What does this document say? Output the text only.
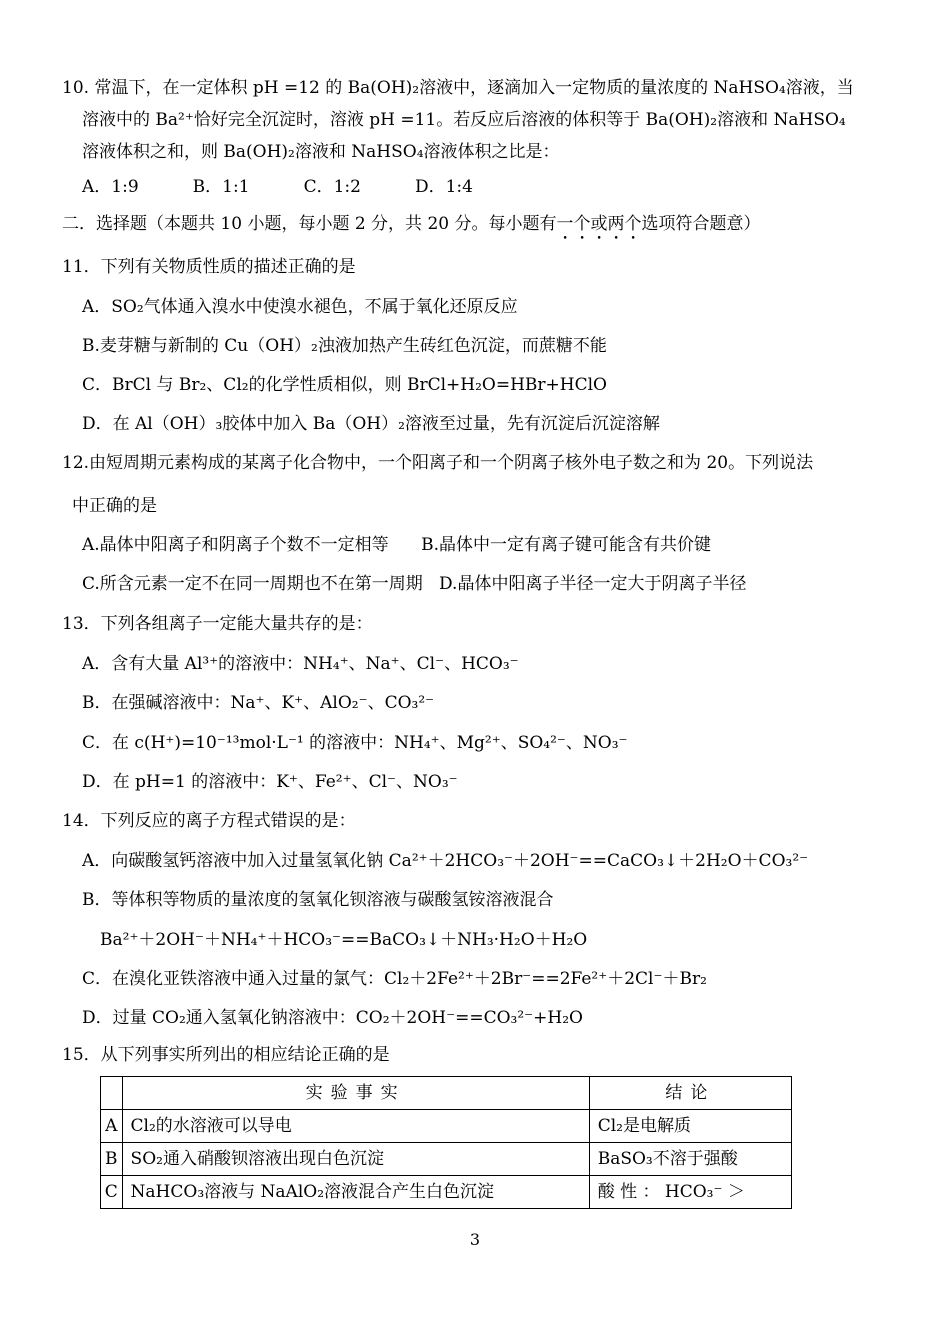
10. 常温下，在一定体积 pH =12 的 Ba(OH)₂溶液中，逐滴加入一定物质的量浓度的 NaHSO₄溶液，当
溶液中的 Ba²⁺恰好完全沉淀时，溶液 pH =11。若反应后溶液的体积等于 Ba(OH)₂溶液和 NaHSO₄
溶液体积之和，则 Ba(OH)₂溶液和 NaHSO₄溶液体积之比是：
A．1:9          B．1:1          C．1:2          D．1:4
二．选择题（本题共 10 小题，每小题 2 分，共 20 分。每小题有一个或两个选项符合题意）
11．下列有关物质性质的描述正确的是
A．SO₂气体通入溴水中使溴水褪色，不属于氧化还原反应
B.麦芽糖与新制的 Cu（OH）₂浊液加热产生砖红色沉淀，而蔗糖不能
C．BrCl 与 Br₂、Cl₂的化学性质相似，则 BrCl+H₂O=HBr+HClO
D．在 Al（OH）₃胶体中加入 Ba（OH）₂溶液至过量，先有沉淀后沉淀溶解
12.由短周期元素构成的某离子化合物中，一个阳离子和一个阴离子核外电子数之和为 20。下列说法
中正确的是
A.晶体中阳离子和阴离子个数不一定相等      B.晶体中一定有离子键可能含有共价键
C.所含元素一定不在同一周期也不在第一周期   D.晶体中阳离子半径一定大于阴离子半径
13．下列各组离子一定能大量共存的是：
A．含有大量 Al³⁺的溶液中：NH₄⁺、Na⁺、Cl⁻、HCO₃⁻
B．在强碱溶液中：Na⁺、K⁺、AlO₂⁻、CO₃²⁻
C．在 c(H⁺)=10⁻¹³mol·L⁻¹ 的溶液中：NH₄⁺、Mg²⁺、SO₄²⁻、NO₃⁻
D．在 pH=1 的溶液中：K⁺、Fe²⁺、Cl⁻、NO₃⁻
14．下列反应的离子方程式错误的是：
A．向碳酸氢钙溶液中加入过量氢氧化钠 Ca²⁺＋2HCO₃⁻＋2OH⁻==CaCO₃↓＋2H₂O＋CO₃²⁻
B．等体积等物质的量浓度的氢氧化钡溶液与碳酸氢铵溶液混合
Ba²⁺＋2OH⁻＋NH₄⁺＋HCO₃⁻==BaCO₃↓＋NH₃·H₂O＋H₂O
C．在溴化亚铁溶液中通入过量的氯气：Cl₂＋2Fe²⁺＋2Br⁻==2Fe²⁺＋2Cl⁻＋Br₂
D．过量 CO₂通入氢氧化钠溶液中：CO₂＋2OH⁻==CO₃²⁻+H₂O
15．从下列事实所列出的相应结论正确的是
	实验事实	结论
A	Cl₂的水溶液可以导电	Cl₂是电解质
B	SO₂通入硝酸钡溶液出现白色沉淀	BaSO₃不溶于强酸
C	NaHCO₃溶液与 NaAlO₂溶液混合产生白色沉淀	酸 性 ： HCO₃⁻ ＞
3
